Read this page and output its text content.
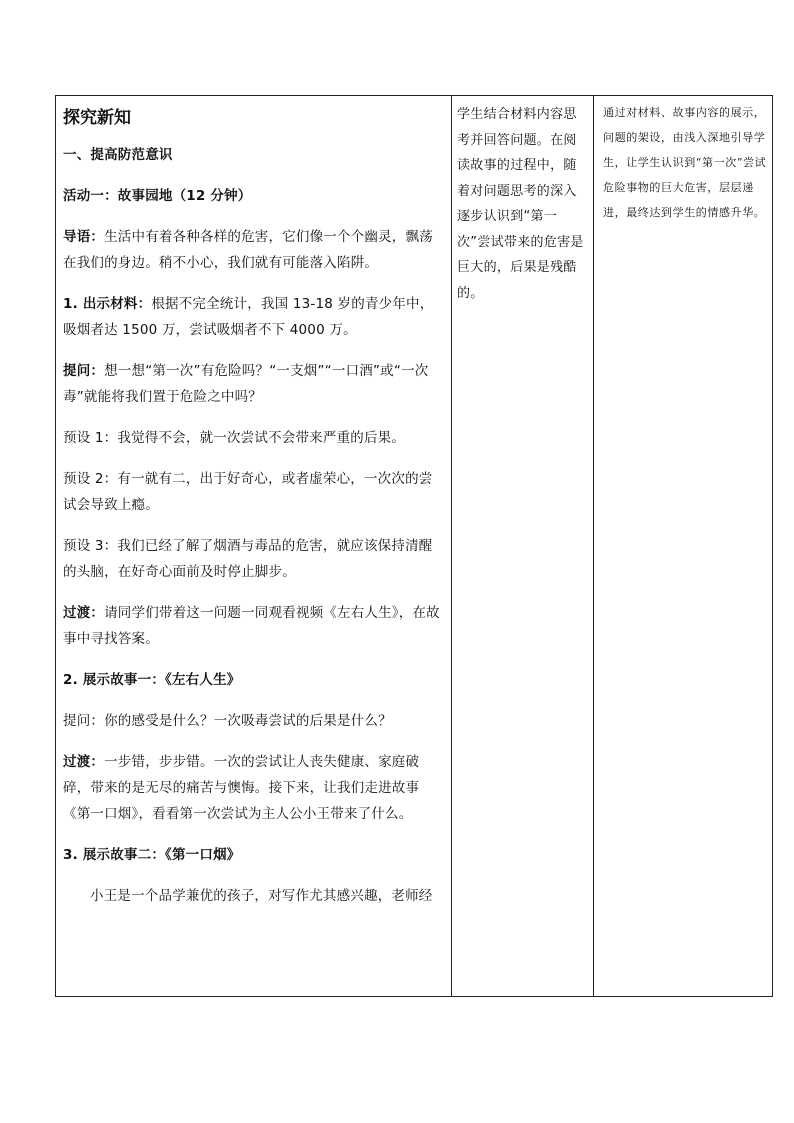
探究新知

一、提高防范意识

活动一：故事园地（12 分钟）

导语：生活中有着各种各样的危害，它们像一个个幽灵，飘荡在我们的身边。稍不小心，我们就有可能落入陷阱。

1. 出示材料：根据不完全统计，我国 13-18 岁的青少年中，吸烟者达 1500 万，尝试吸烟者不下 4000 万。

提问：想一想“第一次”有危险吗？“一支烟”“一口酒”或“一次毒”就能将我们置于危险之中吗？

预设 1：我觉得不会，就一次尝试不会带来严重的后果。

预设 2：有一就有二，出于好奇心，或者虚荣心，一次次的尝试会导致上瘾。

预设 3：我们已经了解了烟酒与毒品的危害，就应该保持清醒的头脑，在好奇心面前及时停止脚步。

过渡：请同学们带着这一问题一同观看视频《左右人生》，在故事中寻找答案。

2. 展示故事一：《左右人生》

提问：你的感受是什么？一次吸毒尝试的后果是什么？

过渡：一步错，步步错。一次的尝试让人丧失健康、家庭破碎，带来的是无尽的痛苦与懊悔。接下来，让我们走进故事《第一口烟》，看看第一次尝试为主人公小王带来了什么。

3. 展示故事二：《第一口烟》

小王是一个品学兼优的孩子，对写作尤其感兴趣，老师经

学生结合材料内容思考并回答问题。在阅读故事的过程中，随着对问题思考的深入逐步认识到“第一次”尝试带来的危害是巨大的，后果是残酷的。

通过对材料、故事内容的展示，问题的架设，由浅入深地引导学生，让学生认识到“第一次”尝试危险事物的巨大危害，层层递进，最终达到学生的情感升华。
